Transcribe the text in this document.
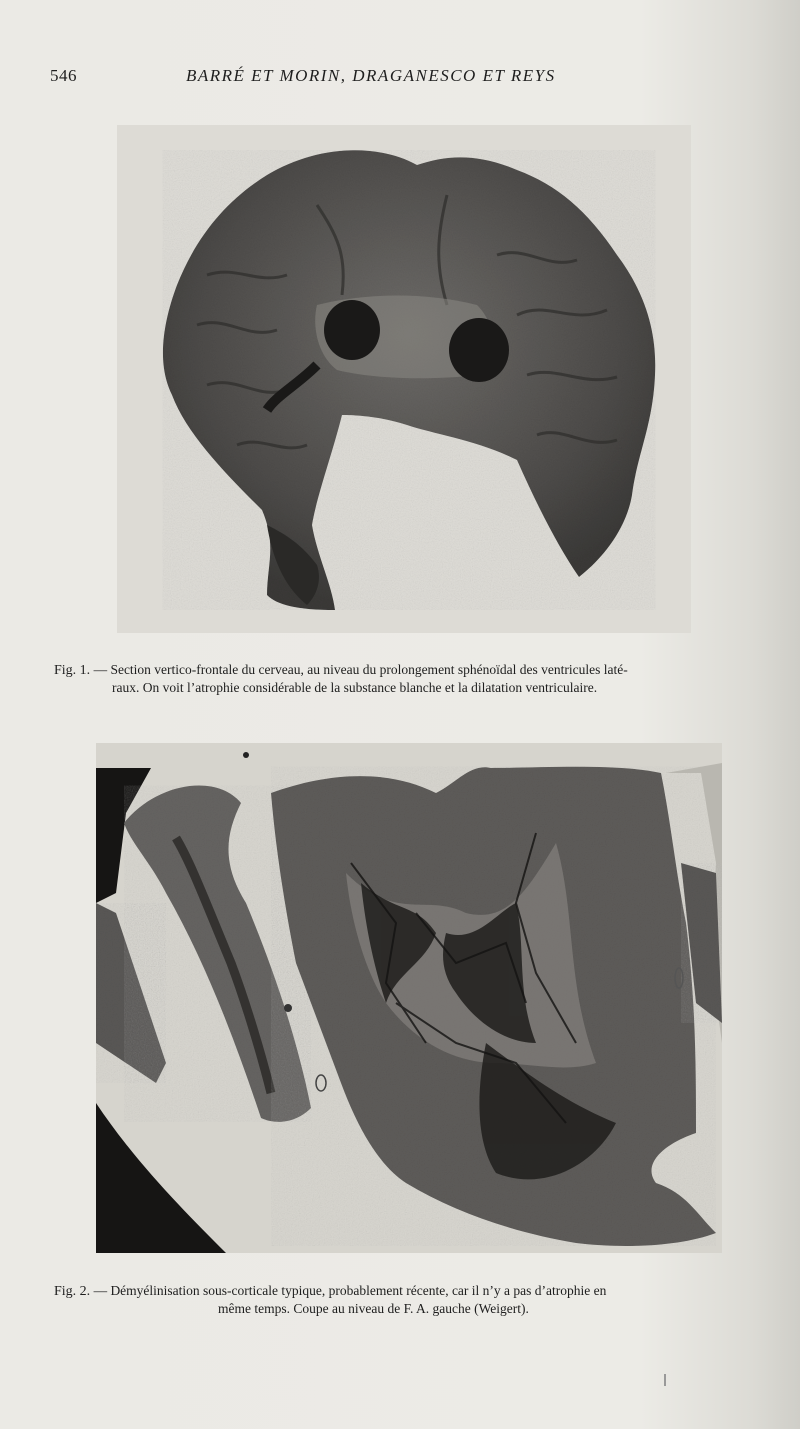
546	BARRÉ ET MORIN, DRAGANESCO ET REYS
Fig. 1. — Section vertico-frontale du cerveau, au niveau du prolongement sphénoïdal des ventricules laté-
raux. On voit l’atrophie considérable de la substance blanche et la dilatation ventriculaire.
Fig. 2. — Démyélinisation sous-corticale typique, probablement récente, car il n’y a pas d’atrophie en
même temps. Coupe au niveau de F. A. gauche (Weigert).
